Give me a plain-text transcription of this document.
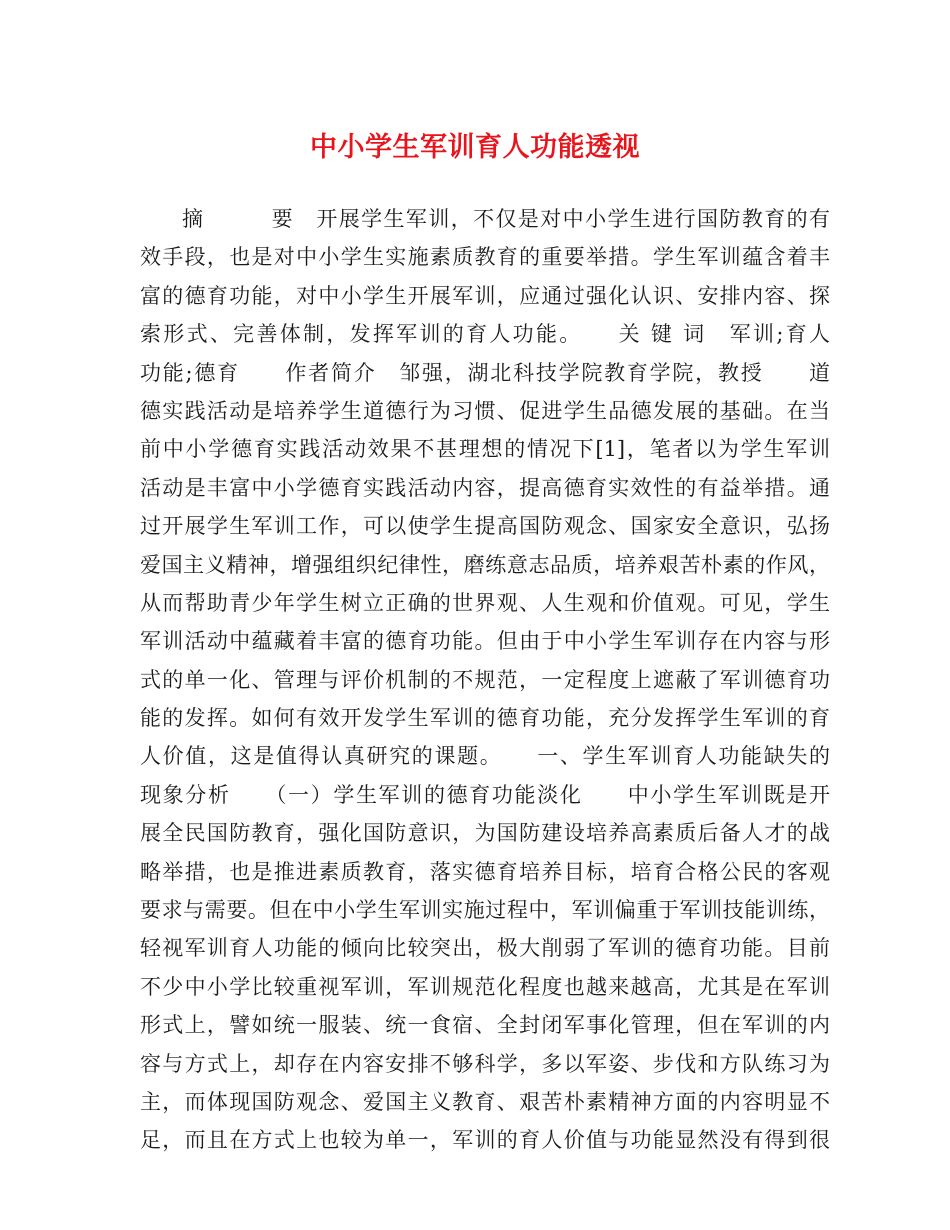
中小学生军训育人功能透视
摘　　　要　开展学生军训，不仅是对中小学生进行国防教育的有
效手段，也是对中小学生实施素质教育的重要举措。学生军训蕴含着丰
富的德育功能，对中小学生开展军训，应通过强化认识、安排内容、探
索形式、完善体制，发挥军训的育人功能。　　关 键 词　军训;育人
功能;德育　　作者简介　邹强，湖北科技学院教育学院，教授　　道
德实践活动是培养学生道德行为习惯、促进学生品德发展的基础。在当
前中小学德育实践活动效果不甚理想的情况下[1]，笔者以为学生军训
活动是丰富中小学德育实践活动内容，提高德育实效性的有益举措。通
过开展学生军训工作，可以使学生提高国防观念、国家安全意识，弘扬
爱国主义精神，增强组织纪律性，磨练意志品质，培养艰苦朴素的作风，
从而帮助青少年学生树立正确的世界观、人生观和价值观。可见，学生
军训活动中蕴藏着丰富的德育功能。但由于中小学生军训存在内容与形
式的单一化、管理与评价机制的不规范，一定程度上遮蔽了军训德育功
能的发挥。如何有效开发学生军训的德育功能，充分发挥学生军训的育
人价值，这是值得认真研究的课题。　　一、学生军训育人功能缺失的
现象分析　　（一）学生军训的德育功能淡化　　中小学生军训既是开
展全民国防教育，强化国防意识，为国防建设培养高素质后备人才的战
略举措，也是推进素质教育，落实德育培养目标，培育合格公民的客观
要求与需要。但在中小学生军训实施过程中，军训偏重于军训技能训练，
轻视军训育人功能的倾向比较突出，极大削弱了军训的德育功能。目前
不少中小学比较重视军训，军训规范化程度也越来越高，尤其是在军训
形式上，譬如统一服装、统一食宿、全封闭军事化管理，但在军训的内
容与方式上，却存在内容安排不够科学，多以军姿、步伐和方队练习为
主，而体现国防观念、爱国主义教育、艰苦朴素精神方面的内容明显不
足，而且在方式上也较为单一，军训的育人价值与功能显然没有得到很
